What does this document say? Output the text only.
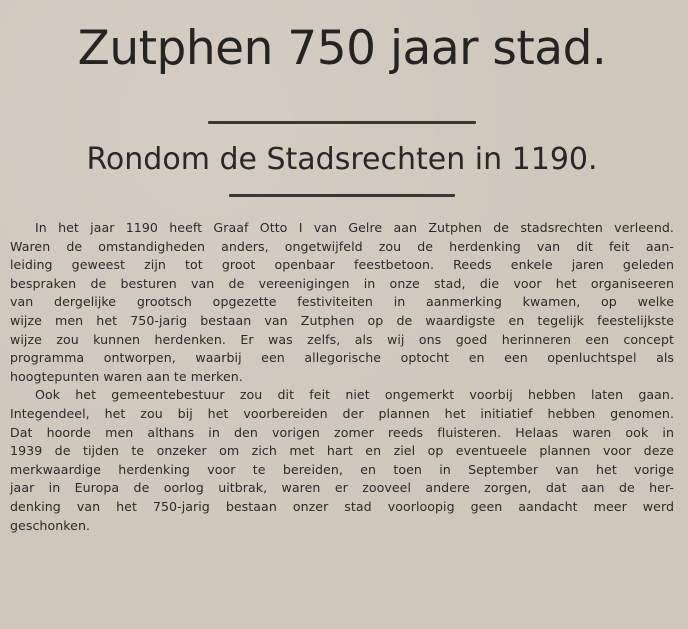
Zutphen 750 jaar stad.
Rondom de Stadsrechten in 1190.

In het jaar 1190 heeft Graaf Otto I van Gelre aan Zutphen de stadsrechten verleend.
Waren de omstandigheden anders, ongetwijfeld zou de herdenking van dit feit aan-
leiding geweest zijn tot groot openbaar feestbetoon. Reeds enkele jaren geleden
bespraken de besturen van de vereenigingen in onze stad, die voor het organiseeren
van dergelijke grootsch opgezette festiviteiten in aanmerking kwamen, op welke
wijze men het 750-jarig bestaan van Zutphen op de waardigste en tegelijk feestelijkste
wijze zou kunnen herdenken. Er was zelfs, als wij ons goed herinneren een concept
programma ontworpen, waarbij een allegorische optocht en een openluchtspel als
hoogtepunten waren aan te merken.

Ook het gemeentebestuur zou dit feit niet ongemerkt voorbij hebben laten gaan.
Integendeel, het zou bij het voorbereiden der plannen het initiatief hebben genomen.
Dat hoorde men althans in den vorigen zomer reeds fluisteren. Helaas waren ook in
1939 de tijden te onzeker om zich met hart en ziel op eventueele plannen voor deze
merkwaardige herdenking voor te bereiden, en toen in September van het vorige
jaar in Europa de oorlog uitbrak, waren er zooveel andere zorgen, dat aan de her-
denking van het 750-jarig bestaan onzer stad voorloopig geen aandacht meer werd
geschonken.
